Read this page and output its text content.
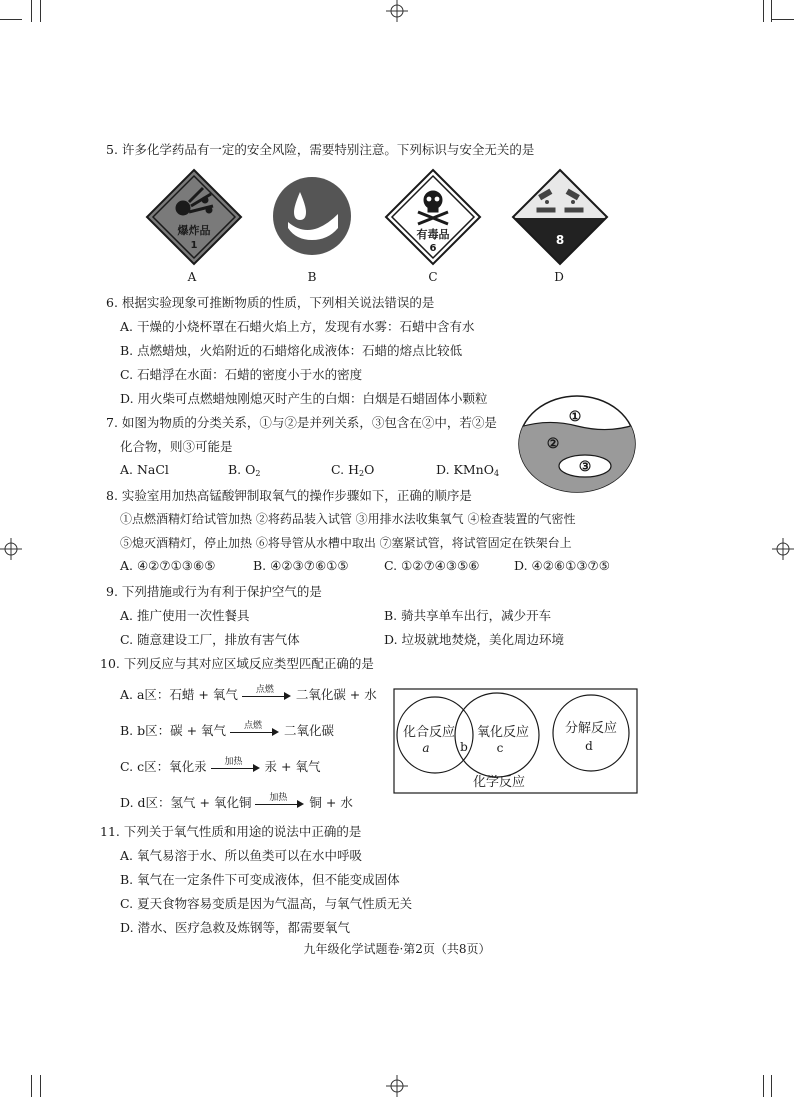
5. 许多化学药品有一定的安全风险，需要特别注意。下列标识与安全无关的是
爆炸品
1
A	B
有毒品
6
C
8
D
6. 根据实验现象可推断物质的性质，下列相关说法错误的是
A. 干燥的小烧杯罩在石蜡火焰上方，发现有水雾：石蜡中含有水
B. 点燃蜡烛，火焰附近的石蜡熔化成液体：石蜡的熔点比较低
C. 石蜡浮在水面：石蜡的密度小于水的密度
D. 用火柴可点燃蜡烛刚熄灭时产生的白烟：白烟是石蜡固体小颗粒
7. 如图为物质的分类关系，①与②是并列关系，③包含在②中，若②是
化合物，则③可能是
A. NaCl	B. $O_2$	C. $H_2O$	D. KMnO$_4$
①
②
③
8. 实验室用加热高锰酸钾制取氧气的操作步骤如下，正确的顺序是
①点燃酒精灯给试管加热 ②将药品装入试管 ③用排水法收集氧气 ④检查装置的气密性
⑤熄灭酒精灯，停止加热 ⑥将导管从水槽中取出 ⑦塞紧试管，将试管固定在铁架台上
A. ④②⑦①③⑥⑤	B. ④②③⑦⑥①⑤	C. ①②⑦④③⑤⑥	D. ④②⑥①③⑦⑤
9. 下列措施或行为有利于保护空气的是
A. 推广使用一次性餐具	B. 骑共享单车出行，减少开车
C. 随意建设工厂，排放有害气体	D. 垃圾就地焚烧，美化周边环境
10. 下列反应与其对应区域反应类型匹配正确的是
A. a区：石蜡 + 氧气	点燃	二氧化碳 + 水
B. b区：碳 + 氧气	点燃	二氧化碳
C. c区：氧化汞	加热	汞 + 氧气
D. d区：氢气 + 氧化铜	加热	铜 + 水
化合反应
a	b
氧化反应
c
分解反应
d
化学反应
11. 下列关于氧气性质和用途的说法中正确的是
A. 氧气易溶于水、所以鱼类可以在水中呼吸
B. 氧气在一定条件下可变成液体，但不能变成固体
C. 夏天食物容易变质是因为气温高，与氧气性质无关
D. 潜水、医疗急救及炼钢等，都需要氧气
九年级化学试题卷·第2页（共8页）
